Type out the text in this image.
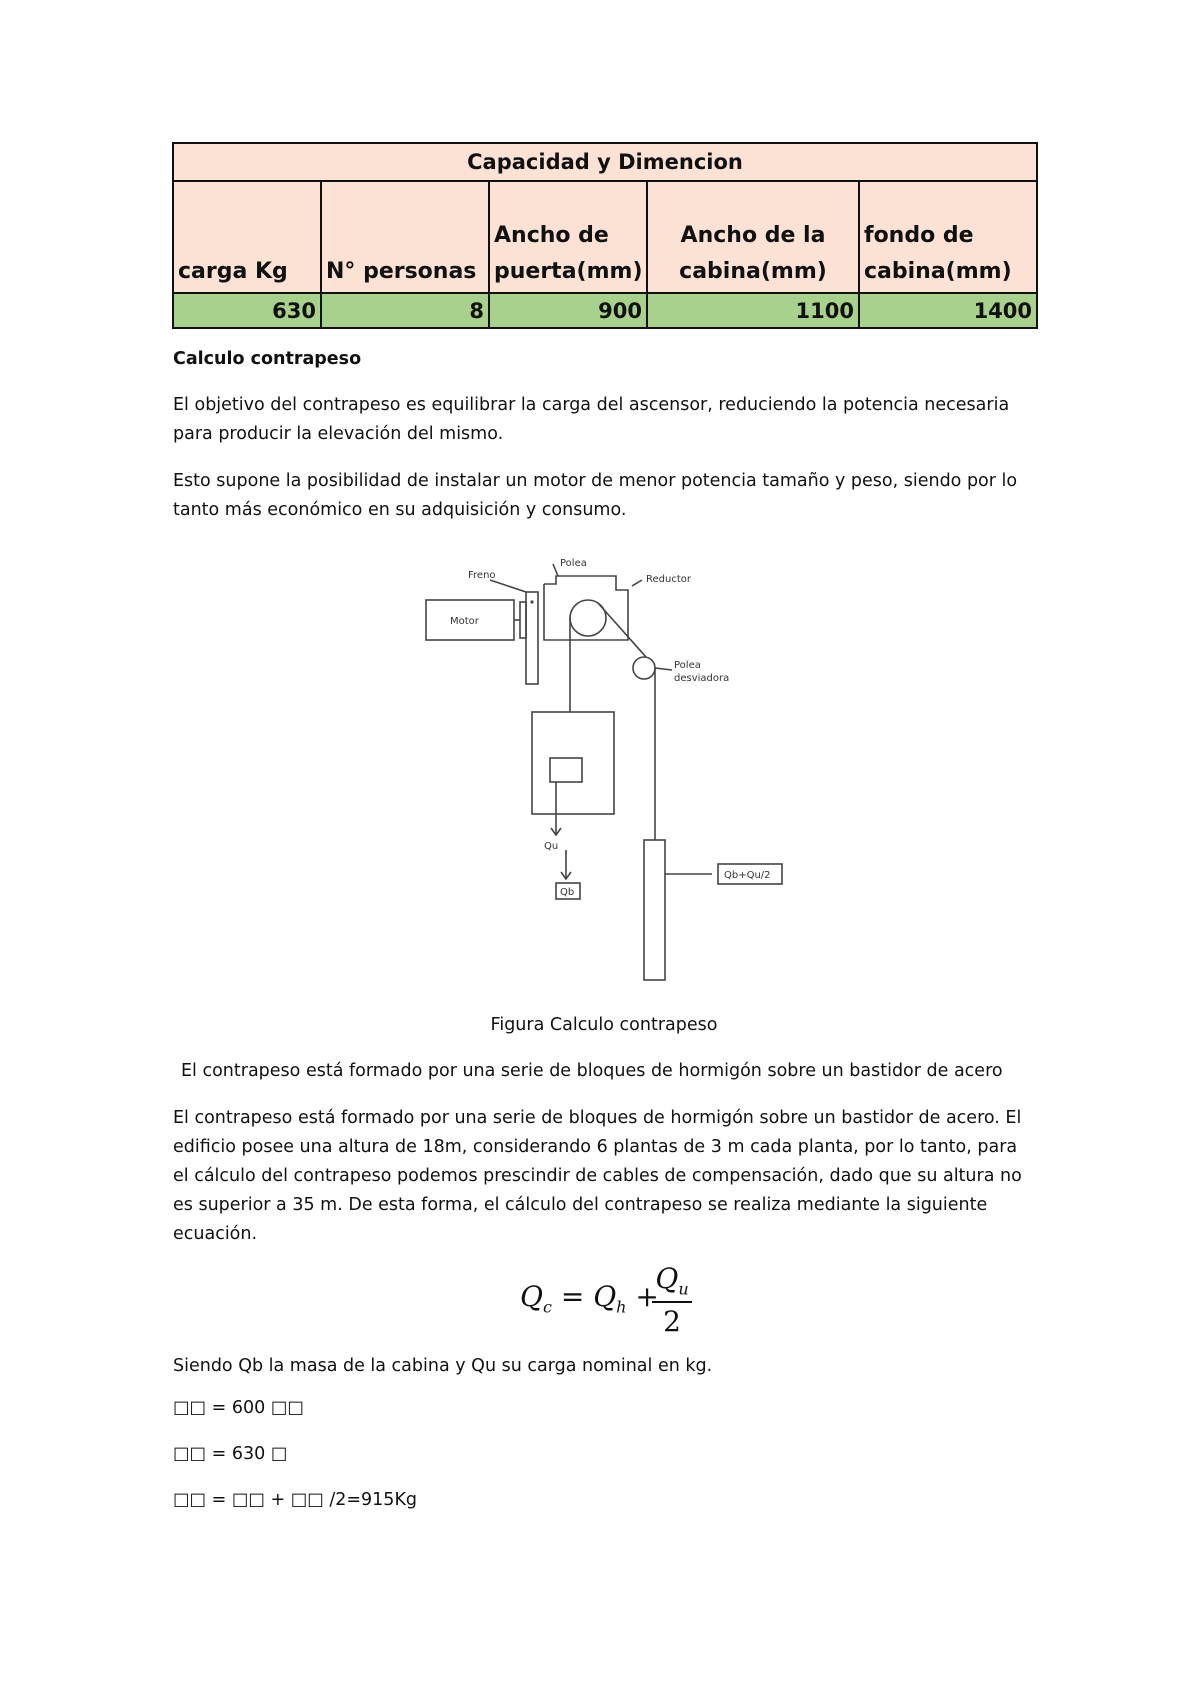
Capacidad y Dimencion				
carga Kg	N° personas	Ancho de puerta(mm)	Ancho de la cabina(mm)	fondo de cabina(mm)
630	8	900	1100	1400

Calculo contrapeso

El objetivo del contrapeso es equilibrar la carga del ascensor, reduciendo la potencia necesaria para producir la elevación del mismo.

Esto supone la posibilidad de instalar un motor de menor potencia tamaño y peso, siendo por lo tanto más económico en su adquisición y consumo.

Freno
Polea
Reductor
Motor
Polea
desviadora
Qu
Qb
Qb+Qu/2

Figura Calculo contrapeso

El contrapeso está formado por una serie de bloques de hormigón sobre un bastidor de acero

El contrapeso está formado por una serie de bloques de hormigón sobre un bastidor de acero. El edificio posee una altura de 18m, considerando 6 plantas de 3 m cada planta, por lo tanto, para el cálculo del contrapeso podemos prescindir de cables de compensación, dado que su altura no es superior a 35 m. De esta forma, el cálculo del contrapeso se realiza mediante la siguiente ecuación.

$Q_c = Q_h$ +
$Q_u$
2

Siendo Qb la masa de la cabina y Qu su carga nominal en kg.

□□ = 600 □□

□□ = 630 □

□□ = □□ + □□ /2=915Kg
